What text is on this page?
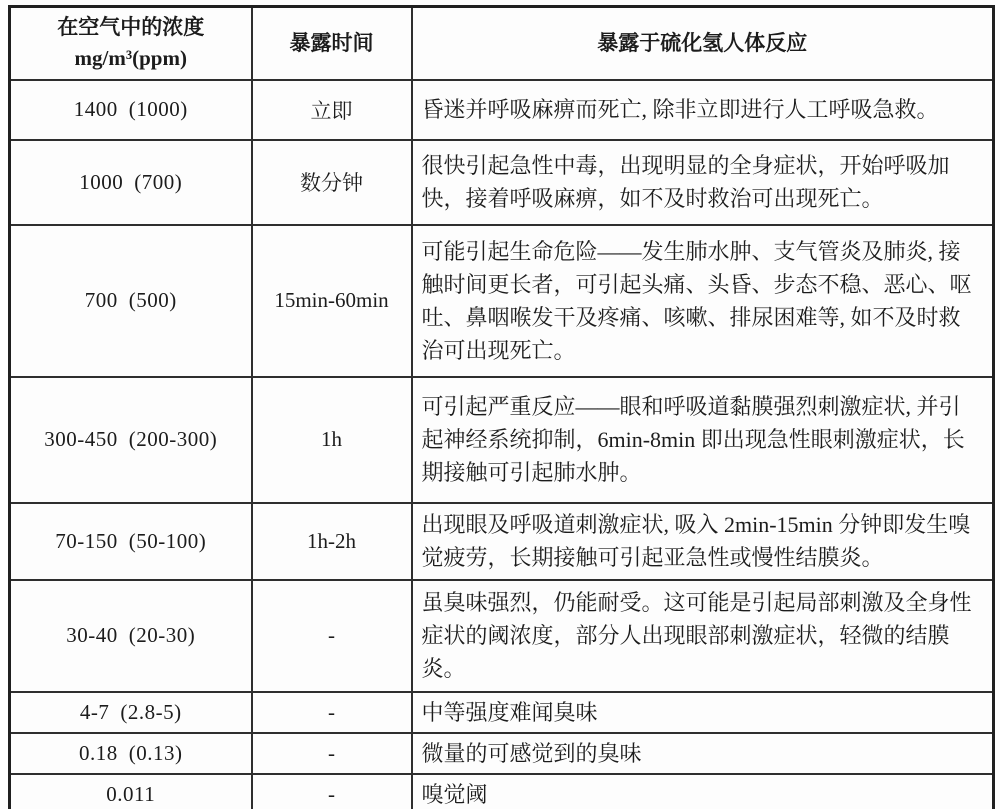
在空气中的浓度
mg/m³(ppm)	暴露时间	暴露于硫化氢人体反应
1400 (1000)	立即	昏迷并呼吸麻痹而死亡, 除非立即进行人工呼吸急救。
1000 (700)	数分钟	很快引起急性中毒，出现明显的全身症状，开始呼吸加快，接着呼吸麻痹，如不及时救治可出现死亡。
700 (500)	15min-60min	可能引起生命危险——发生肺水肿、支气管炎及肺炎, 接触时间更长者，可引起头痛、头昏、步态不稳、恶心、呕吐、鼻咽喉发干及疼痛、咳嗽、排尿困难等, 如不及时救治可出现死亡。
300-450 (200-300)	1h	可引起严重反应——眼和呼吸道黏膜强烈刺激症状, 并引起神经系统抑制，6min-8min 即出现急性眼刺激症状，长期接触可引起肺水肿。
70-150 (50-100)	1h-2h	出现眼及呼吸道刺激症状, 吸入 2min-15min 分钟即发生嗅觉疲劳，长期接触可引起亚急性或慢性结膜炎。
30-40 (20-30)	-	虽臭味强烈，仍能耐受。这可能是引起局部刺激及全身性症状的阈浓度，部分人出现眼部刺激症状，轻微的结膜炎。
4-7 (2.8-5)	-	中等强度难闻臭味
0.18 (0.13)	-	微量的可感觉到的臭味
0.011	-	嗅觉阈
